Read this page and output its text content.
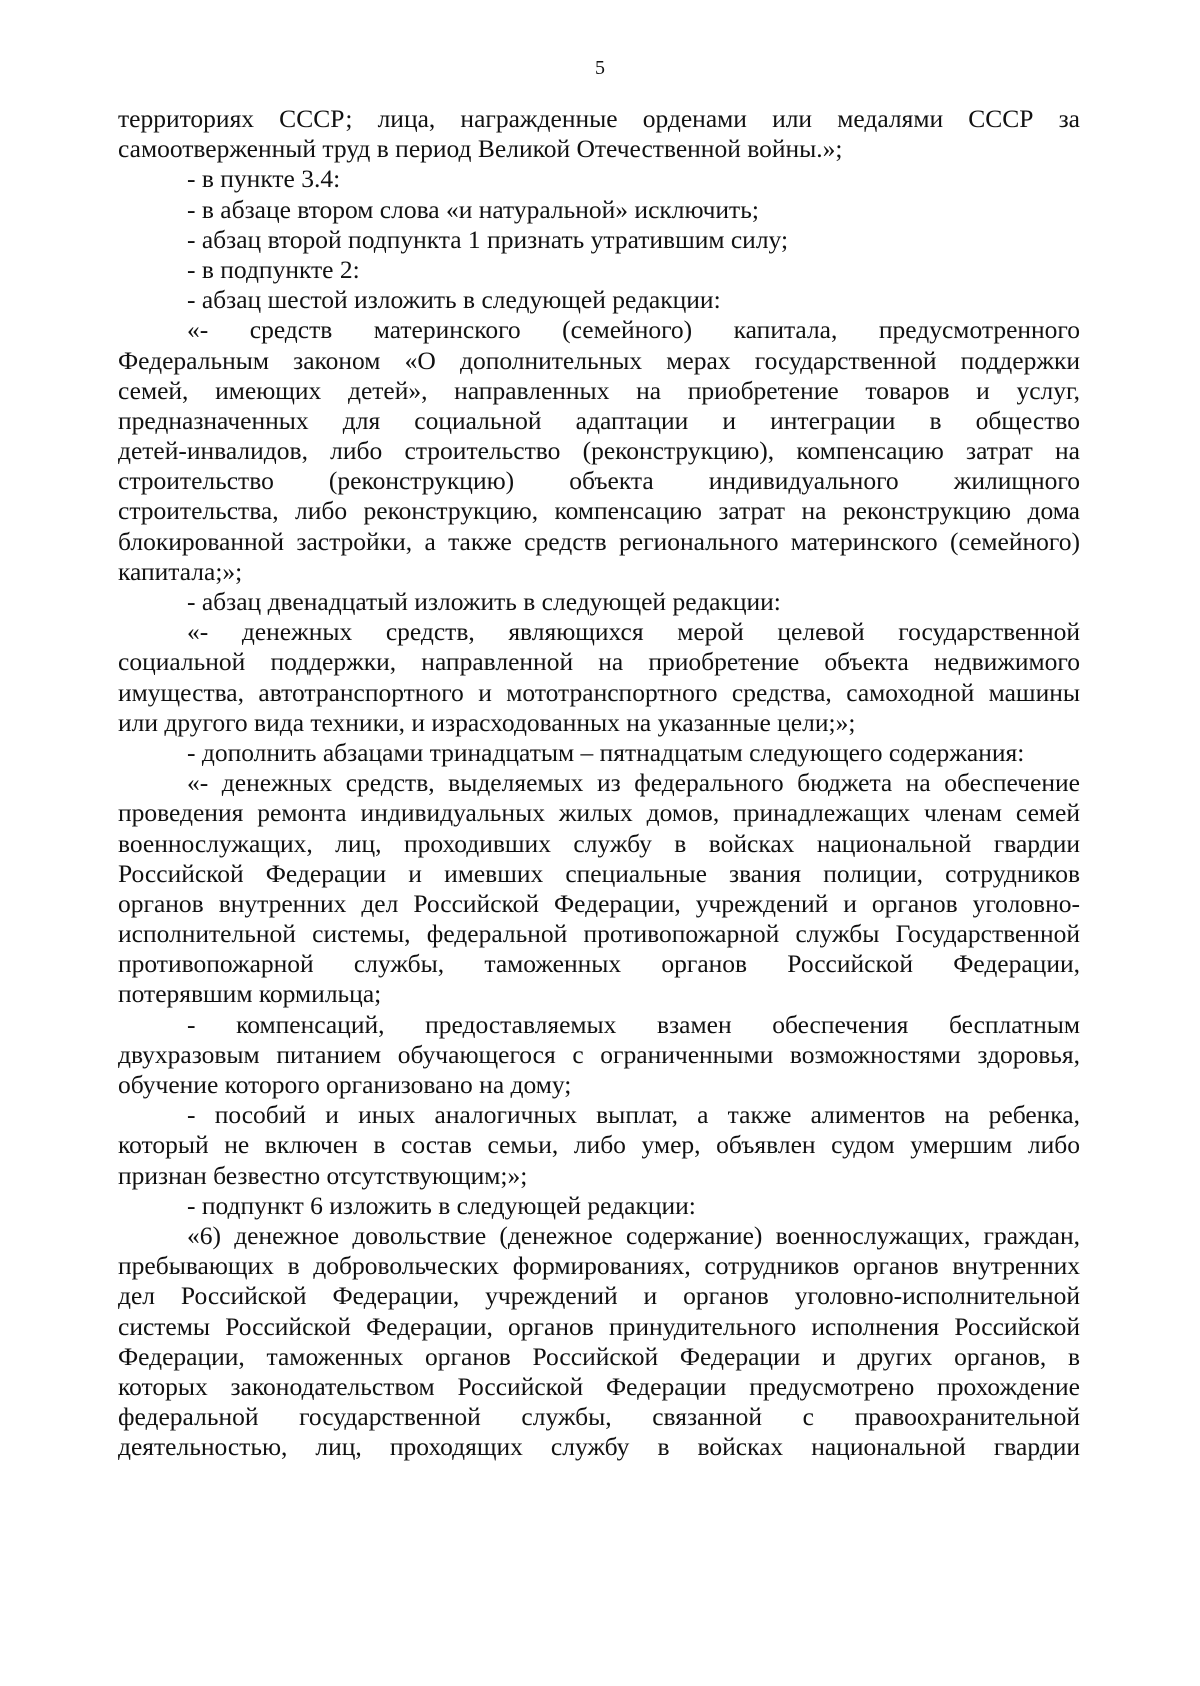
5
территориях СССР; лица, награжденные орденами или медалями СССР за
самоотверженный труд в период Великой Отечественной войны.»;
- в пункте 3.4:
- в абзаце втором слова «и натуральной» исключить;
- абзац второй подпункта 1 признать утратившим силу;
- в подпункте 2:
- абзац шестой изложить в следующей редакции:
«- средств материнского (семейного) капитала, предусмотренного
Федеральным законом «О дополнительных мерах государственной поддержки
семей, имеющих детей», направленных на приобретение товаров и услуг,
предназначенных для социальной адаптации и интеграции в общество
детей-инвалидов, либо строительство (реконструкцию), компенсацию затрат на
строительство (реконструкцию) объекта индивидуального жилищного
строительства, либо реконструкцию, компенсацию затрат на реконструкцию дома
блокированной застройки, а также средств регионального материнского (семейного)
капитала;»;
- абзац двенадцатый изложить в следующей редакции:
«- денежных средств, являющихся мерой целевой государственной
социальной поддержки, направленной на приобретение объекта недвижимого
имущества, автотранспортного и мототранспортного средства, самоходной машины
или другого вида техники, и израсходованных на указанные цели;»;
- дополнить абзацами тринадцатым – пятнадцатым следующего содержания:
«- денежных средств, выделяемых из федерального бюджета на обеспечение
проведения ремонта индивидуальных жилых домов, принадлежащих членам семей
военнослужащих, лиц, проходивших службу в войсках национальной гвардии
Российской Федерации и имевших специальные звания полиции, сотрудников
органов внутренних дел Российской Федерации, учреждений и органов уголовно-
исполнительной системы, федеральной противопожарной службы Государственной
противопожарной службы, таможенных органов Российской Федерации,
потерявшим кормильца;
- компенсаций, предоставляемых взамен обеспечения бесплатным
двухразовым питанием обучающегося с ограниченными возможностями здоровья,
обучение которого организовано на дому;
- пособий и иных аналогичных выплат, а также алиментов на ребенка,
который не включен в состав семьи, либо умер, объявлен судом умершим либо
признан безвестно отсутствующим;»;
- подпункт 6 изложить в следующей редакции:
«6) денежное довольствие (денежное содержание) военнослужащих, граждан,
пребывающих в добровольческих формированиях, сотрудников органов внутренних
дел Российской Федерации, учреждений и органов уголовно-исполнительной
системы Российской Федерации, органов принудительного исполнения Российской
Федерации, таможенных органов Российской Федерации и других органов, в
которых законодательством Российской Федерации предусмотрено прохождение
федеральной государственной службы, связанной с правоохранительной
деятельностью, лиц, проходящих службу в войсках национальной гвардии
